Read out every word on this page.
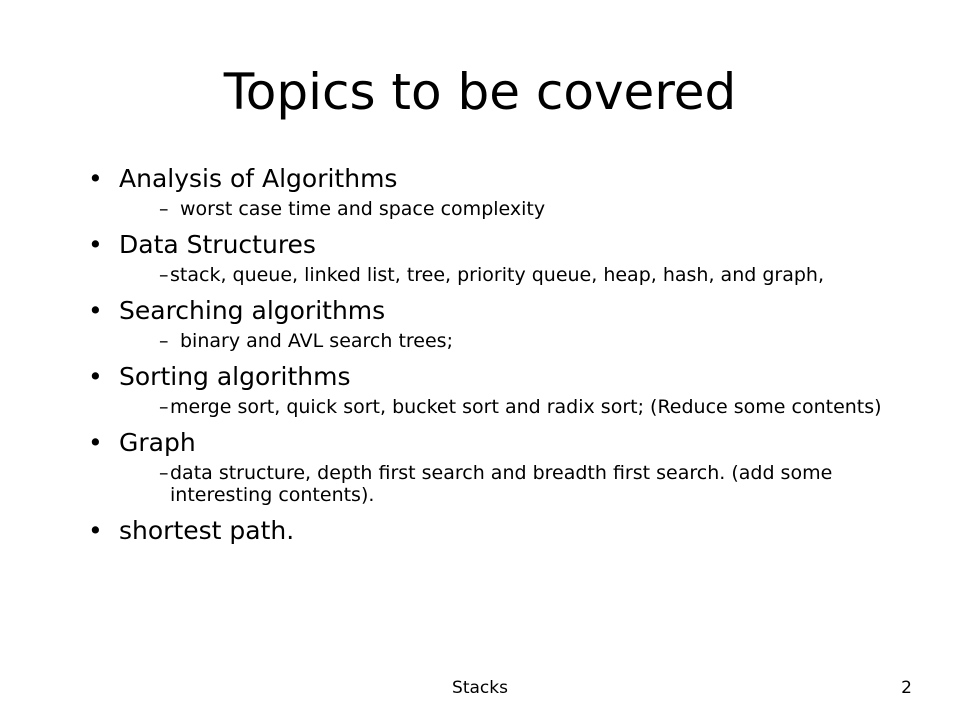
Topics to be covered
• Analysis of Algorithms
– worst case time and space complexity
• Data Structures
– stack, queue, linked list, tree, priority queue, heap, hash, and graph,
• Searching algorithms
– binary and AVL search trees;
• Sorting algorithms
– merge sort, quick sort, bucket sort and radix sort; (Reduce some contents)
• Graph
– data structure, depth first search and breadth first search. (add some interesting contents).
• shortest path.
Stacks	2
